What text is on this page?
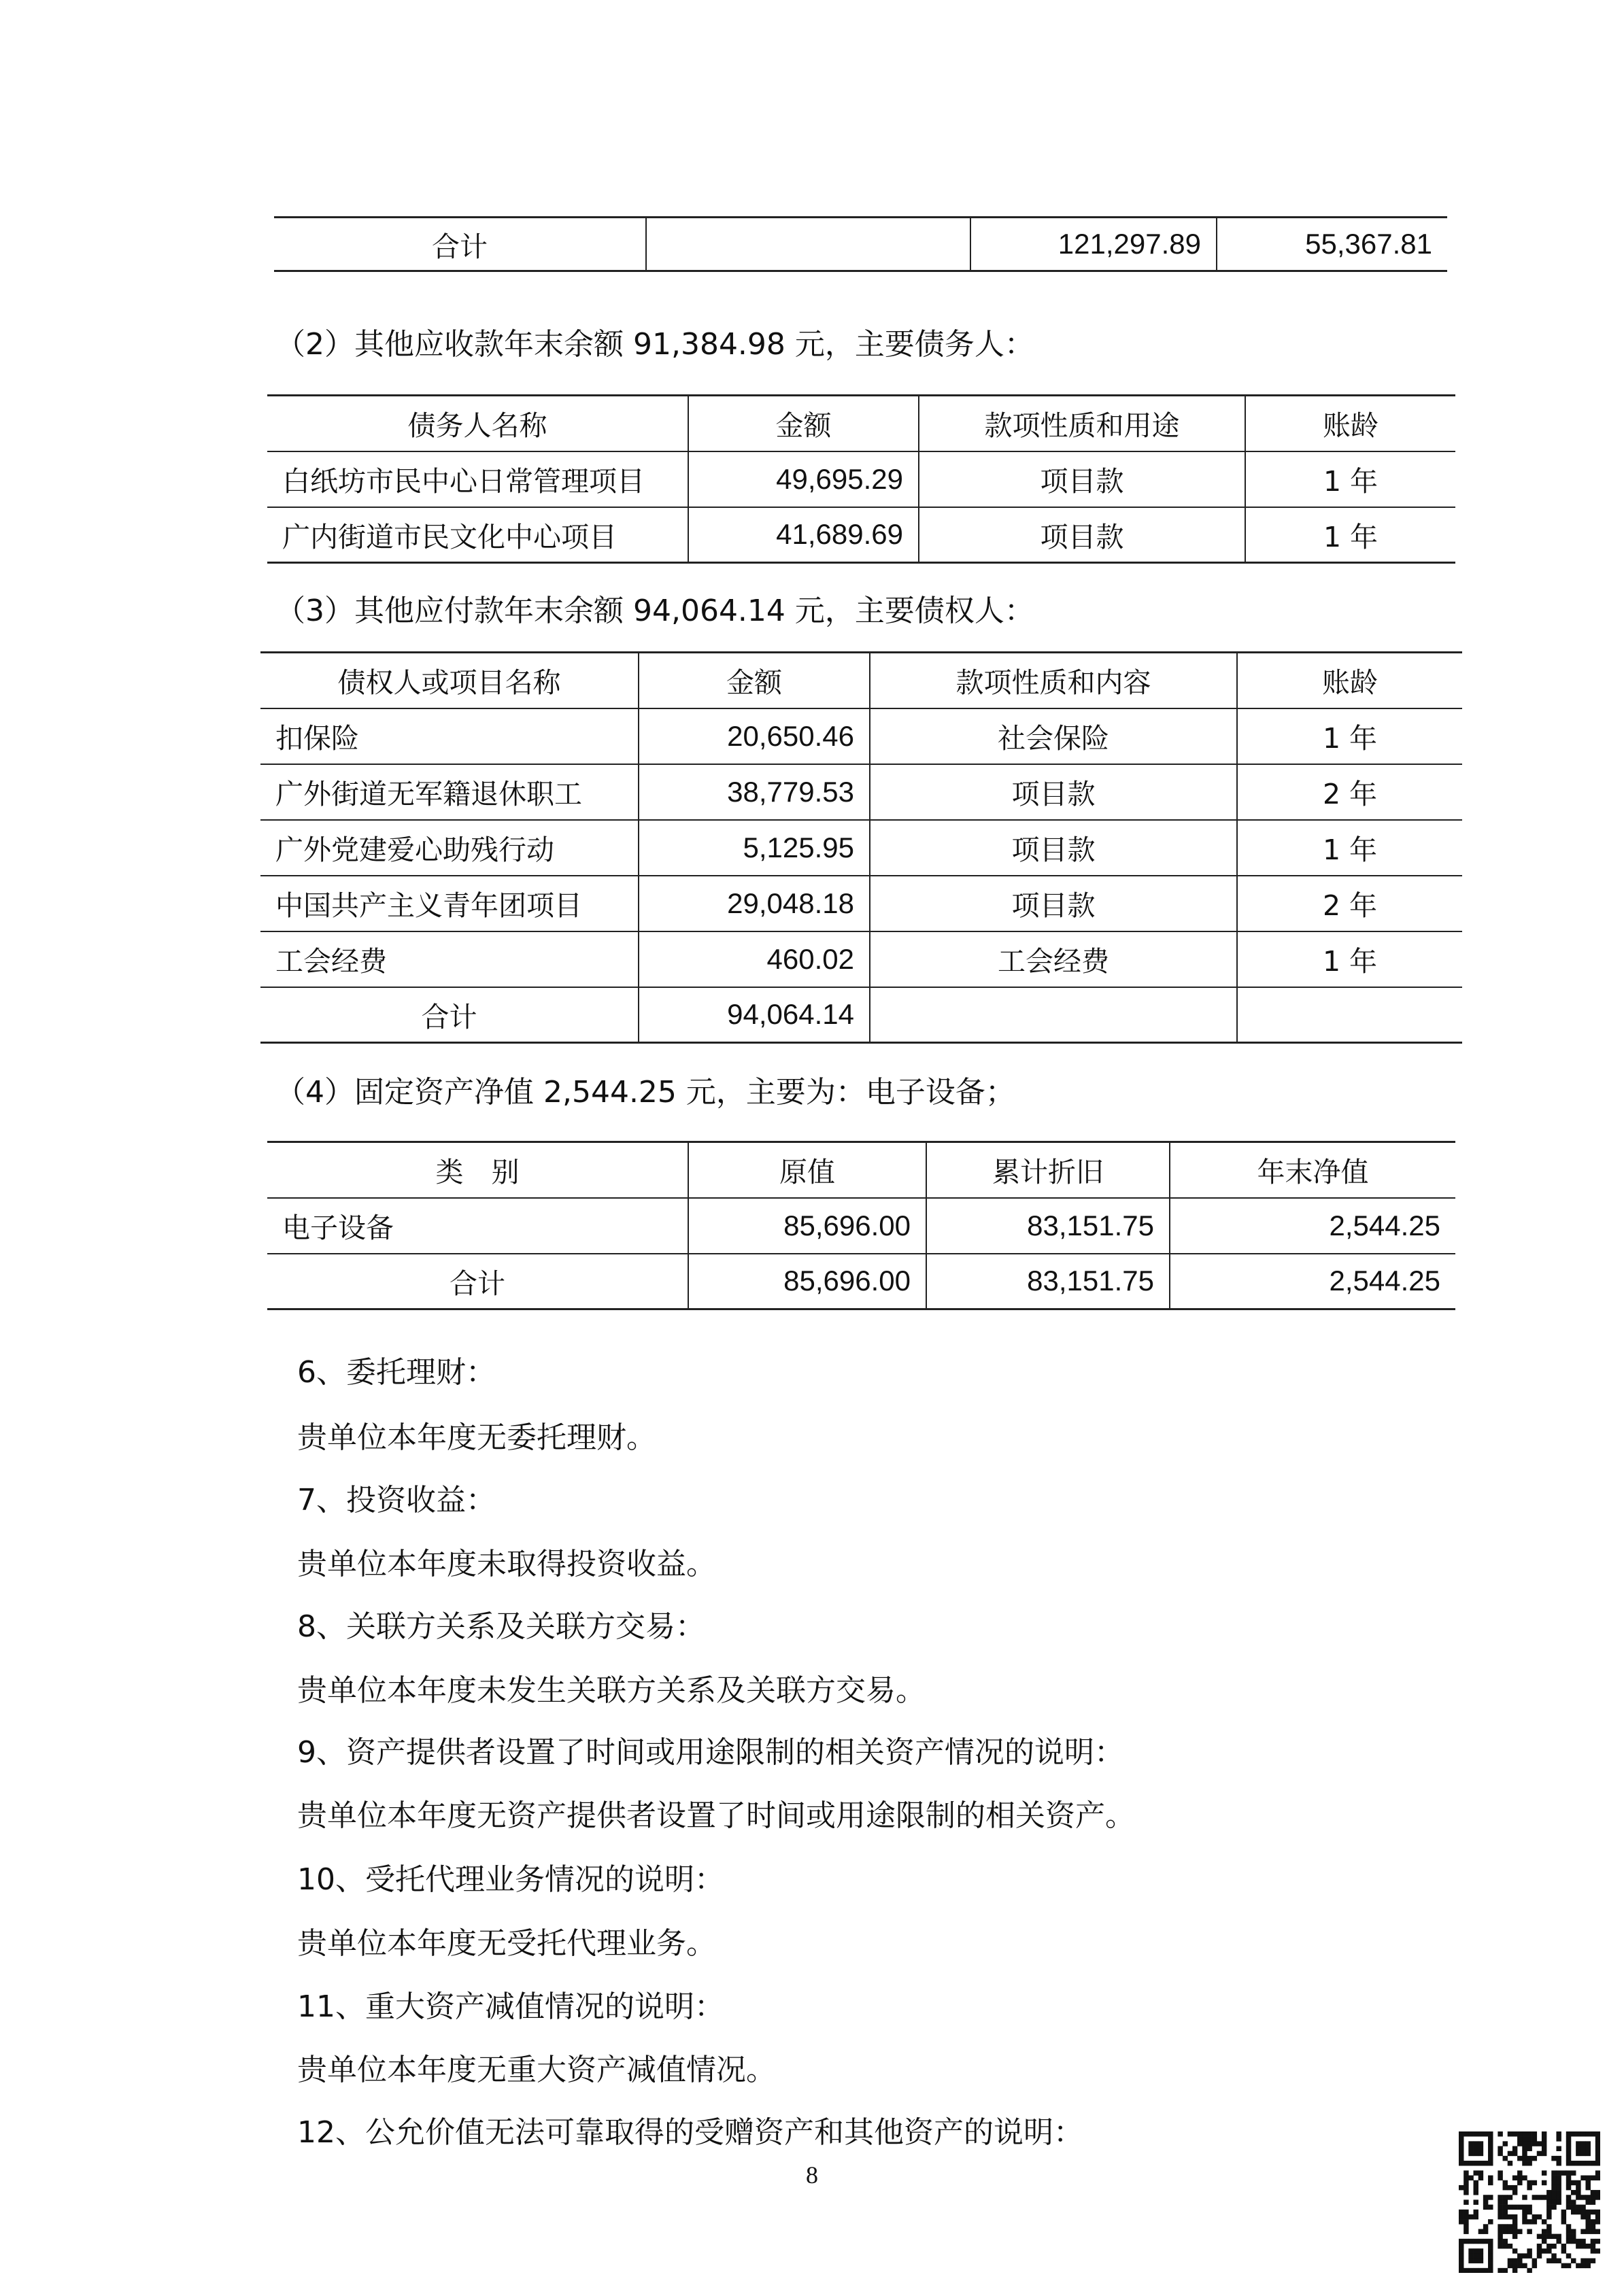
合计		121,297.89	55,367.81
（2）其他应收款年末余额 91,384.98 元，主要债务人：
债务人名称	金额	款项性质和用途	账龄
白纸坊市民中心日常管理项目	49,695.29	项目款	1 年
广内街道市民文化中心项目	41,689.69	项目款	1 年
（3）其他应付款年末余额 94,064.14 元，主要债权人：
债权人或项目名称	金额	款项性质和内容	账龄
扣保险	20,650.46	社会保险	1 年
广外街道无军籍退休职工	38,779.53	项目款	2 年
广外党建爱心助残行动	5,125.95	项目款	1 年
中国共产主义青年团项目	29,048.18	项目款	2 年
工会经费	460.02	工会经费	1 年
合计	94,064.14		
（4）固定资产净值 2,544.25 元，主要为：电子设备；
类　别	原值	累计折旧	年末净值
电子设备	85,696.00	83,151.75	2,544.25
合计	85,696.00	83,151.75	2,544.25
6、委托理财：
贵单位本年度无委托理财。
7、投资收益：
贵单位本年度未取得投资收益。
8、关联方关系及关联方交易：
贵单位本年度未发生关联方关系及关联方交易。
9、资产提供者设置了时间或用途限制的相关资产情况的说明：
贵单位本年度无资产提供者设置了时间或用途限制的相关资产。
10、受托代理业务情况的说明：
贵单位本年度无受托代理业务。
11、重大资产减值情况的说明：
贵单位本年度无重大资产减值情况。
12、公允价值无法可靠取得的受赠资产和其他资产的说明：
8
